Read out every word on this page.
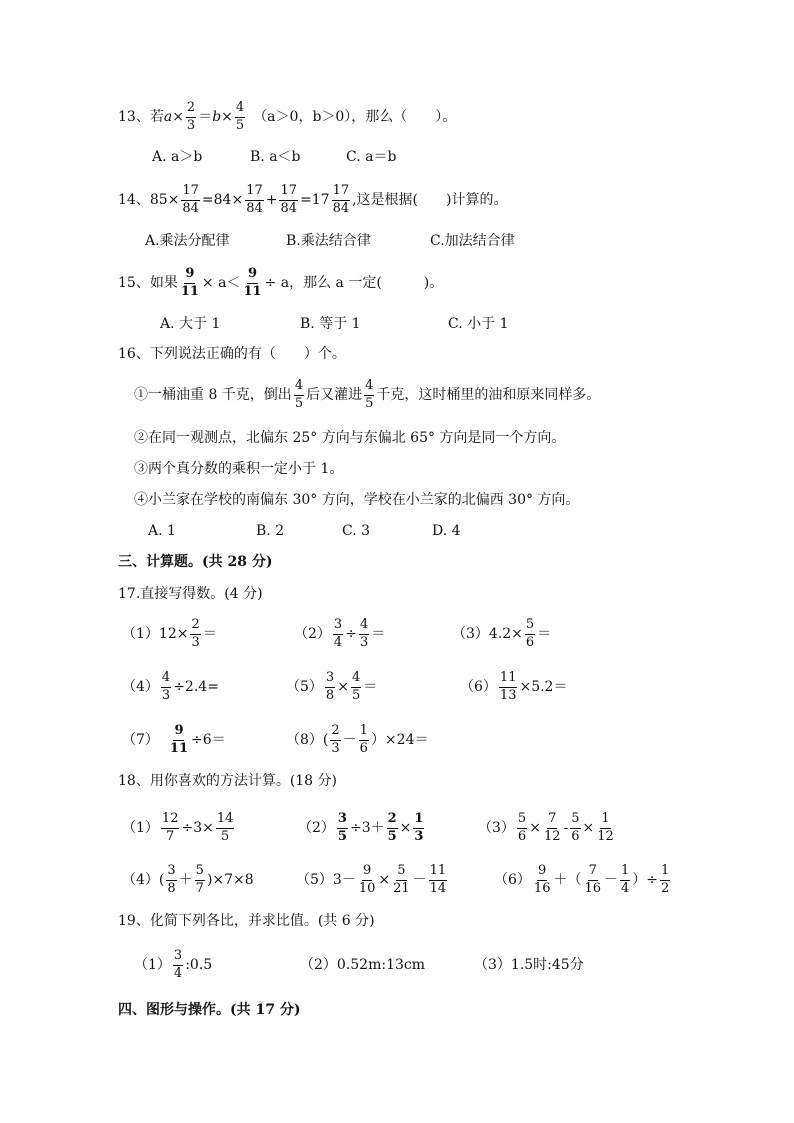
13、 若 $a \times \frac{2}{3} = b \times \frac{4}{5} (a>0$，b＞0），那么（　　）。
A. a＞b	B. a＜b	C. a＝b
14、$85\times \frac{17}{84} =84\times \frac{17}{84} + \frac{17}{84} =17$
17
84 ,这是根据(　　)计算的。
A.乘法分配律	B.乘法结合律	C.加法结合律
15、如果 $\frac{9}{11} \times a< \frac{9}{11} \div a$，那么 a 一定(　　　)。
A. 大于 1	B. 等于 1	C. 小于 1
16、下列说法正确的有（　　）个。
①一桶油重 8 千克，倒出
4
5 后又灌进
4
5 千克，这时桶里的油和原来同样多。
②在同一观测点，北偏东 25° 方向与东偏北 65° 方向是同一个方向。
③两个真分数的乘积一定小于 1。
④小兰家在学校的南偏东 30° 方向，学校在小兰家的北偏西 30° 方向。
A. 1	B. 2	C. 3	D. 4
三、计算题。(共 28 分)
17.直接写得数。(4 分)
$(1)12\times \frac{2}{3}$ ＝	$(2) \frac{3}{4} \div \frac{4}{3}$ ＝	$(3)4.2\times \frac{5}{6}$ ＝
$(4) \frac{4}{3} \div 2.4=$	$(5) \frac{3}{8} \times \frac{4}{5}$ ＝	$(6) \frac{11}{13} \times 5.2=$
$(7) \frac{9}{11} \div 6=$	（8）(
2
3 －
1
6 ）×24＝
18、用你喜欢的方法计算。(18 分)
$(1) \frac{12}{7} \div 3\times \frac{14}{5}$	$(2) \frac{3}{5} \div 3+ \frac{2}{5} \times \frac{1}{3}$	$(3) \frac{5}{6} \times \frac{7}{12} - \frac{5}{6} \times \frac{1}{12}$
（4）(
3
8 ＋
5
7 )×7×8	$(5)3- \frac{9}{10} \times \frac{5}{21}$ －
11
14	（6）
9
16 ＋（
7
16 －
1
4 ）÷ $\frac{1}{2}$
19、化简下列各比，并求比值。(共 6 分)
（1）
3
4 :0.5	（2）0.52m:13cm	（3）1.5时:45分
四、图形与操作。(共 17 分)
